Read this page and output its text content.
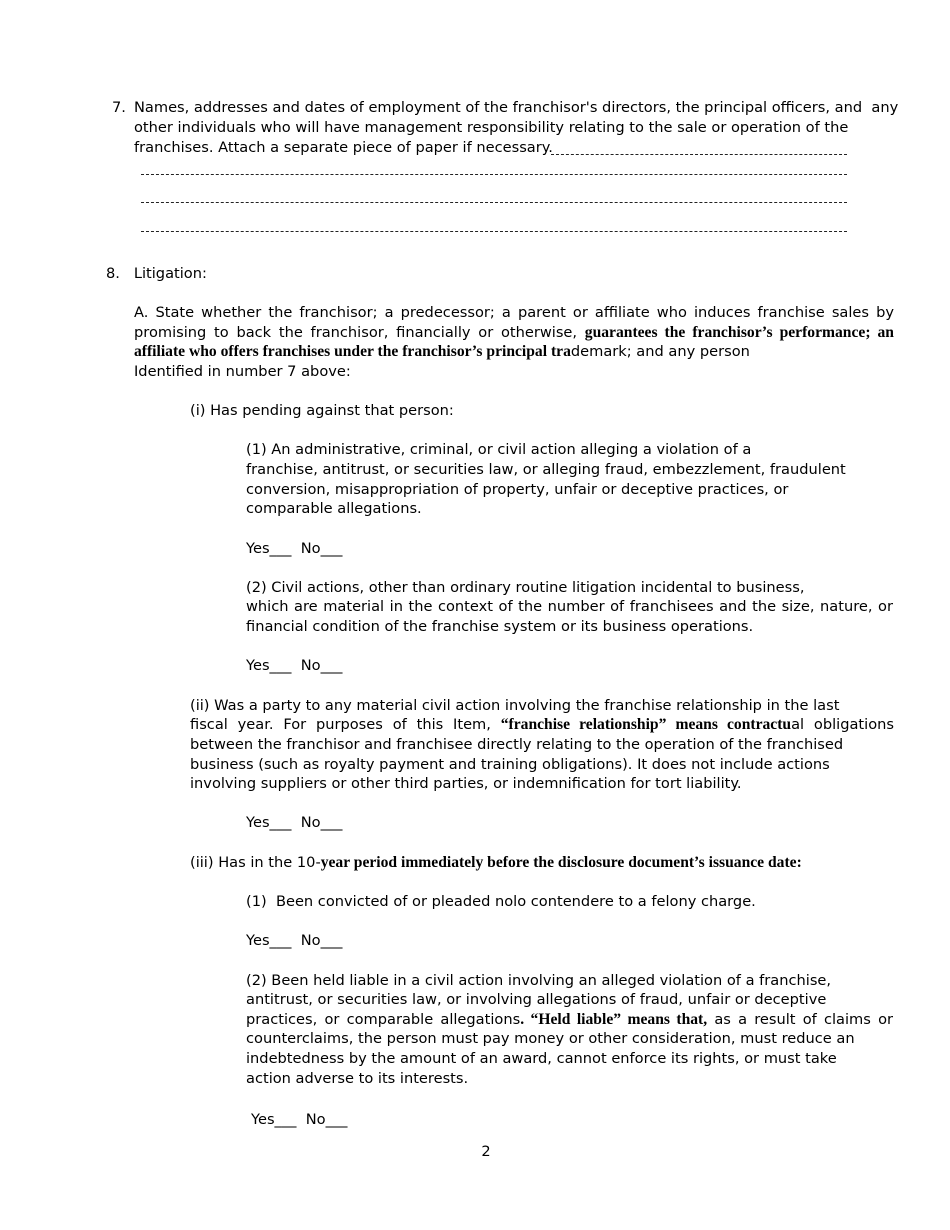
7. Names, addresses and dates of employment of the franchisor's directors, the principal officers, and  any
other individuals who will have management responsibility relating to the sale or operation of the
franchises. Attach a separate piece of paper if necessary.
8.   Litigation:
A. State whether the franchisor; a predecessor; a parent or affiliate who induces franchise sales by
promising to back the franchisor, financially or otherwise, guarantees the franchisor’s performance; an
affiliate who offers franchises under the franchisor’s principal trademark; and any person
Identified in number 7 above:
(i) Has pending against that person:
(1) An administrative, criminal, or civil action alleging a violation of a
franchise, antitrust, or securities law, or alleging fraud, embezzlement, fraudulent
conversion, misappropriation of property, unfair or deceptive practices, or
comparable allegations.
Yes___  No___
(2) Civil actions, other than ordinary routine litigation incidental to business,
which are material in the context of the number of franchisees and the size, nature, or
financial condition of the franchise system or its business operations.
Yes___  No___
(ii) Was a party to any material civil action involving the franchise relationship in the last
fiscal year. For purposes of this Item, “franchise relationship” means contractual obligations
between the franchisor and franchisee directly relating to the operation of the franchised
business (such as royalty payment and training obligations). It does not include actions
involving suppliers or other third parties, or indemnification for tort liability.
Yes___  No___
(iii) Has in the 10-year period immediately before the disclosure document’s issuance date:
(1)  Been convicted of or pleaded nolo contendere to a felony charge.
Yes___  No___
(2) Been held liable in a civil action involving an alleged violation of a franchise,
antitrust, or securities law, or involving allegations of fraud, unfair or deceptive
practices, or comparable allegations. “Held liable” means that, as a result of claims or
counterclaims, the person must pay money or other consideration, must reduce an
indebtedness by the amount of an award, cannot enforce its rights, or must take
action adverse to its interests.
Yes___  No___
2
